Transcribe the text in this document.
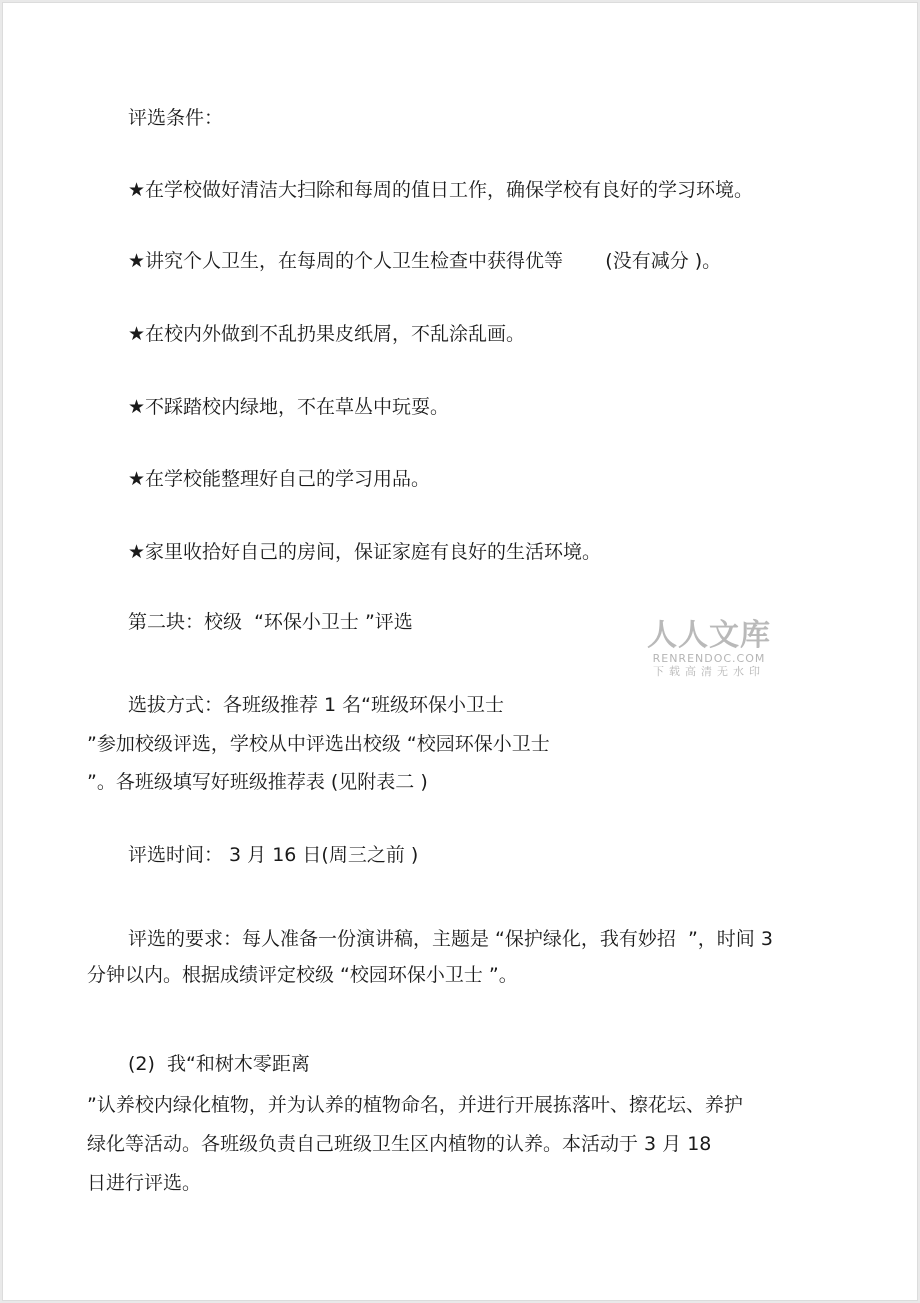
评选条件：
★在学校做好清洁大扫除和每周的值日工作，确保学校有良好的学习环境。
★讲究个人卫生，在每周的个人卫生检查中获得优等       (没有减分 )。
★在校内外做到不乱扔果皮纸屑，不乱涂乱画。
★不踩踏校内绿地，不在草丛中玩耍。
★在学校能整理好自己的学习用品。
★家里收拾好自己的房间，保证家庭有良好的生活环境。
第二块：校级  “环保小卫士 ”评选
选拔方式：各班级推荐 1 名“班级环保小卫士
”参加校级评选，学校从中评选出校级 “校园环保小卫士
”。各班级填写好班级推荐表 (见附表二 )
评选时间： 3 月 16 日(周三之前 )
评选的要求：每人准备一份演讲稿，主题是 “保护绿化，我有妙招  ”，时间 3
分钟以内。根据成绩评定校级 “校园环保小卫士 ”。
(2)  我“和树木零距离
”认养校内绿化植物，并为认养的植物命名，并进行开展拣落叶、擦花坛、养护
绿化等活动。各班级负责自己班级卫生区内植物的认养。本活动于 3 月 18
日进行评选。
人人文库
RENRENDOC.COM
下载高清无水印
